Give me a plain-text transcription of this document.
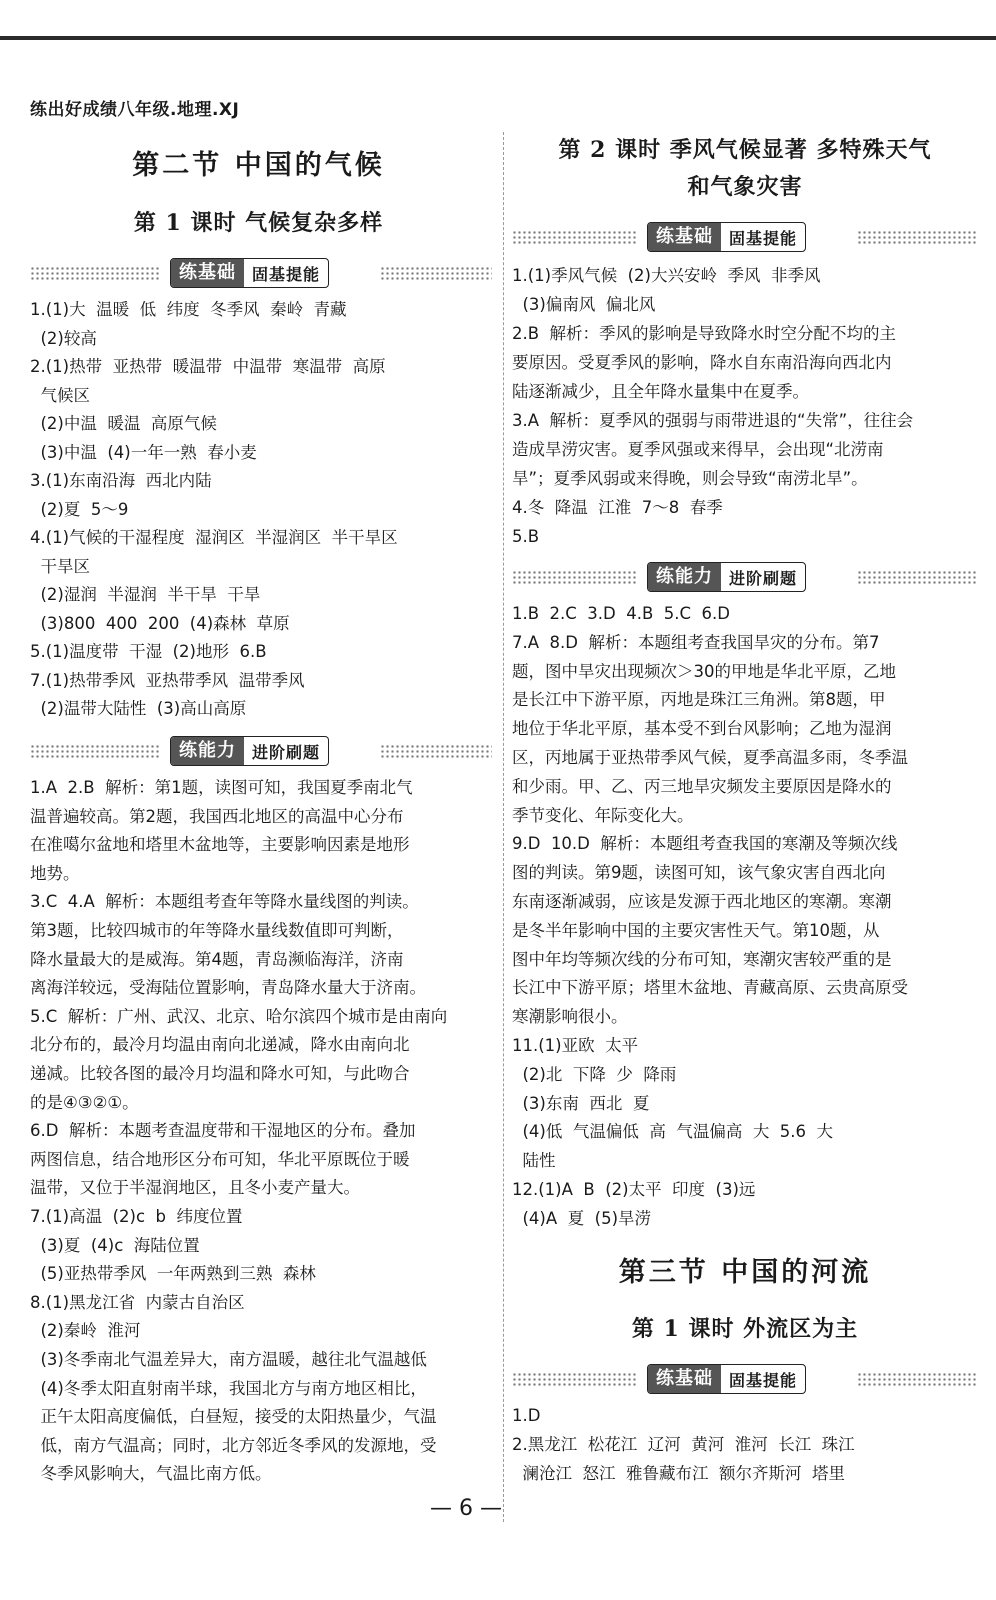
练出好成绩八年级.地理.XJ
第二节 中国的气候
第 1 课时 气候复杂多样
练基础	固基提能
1.(1)大  温暖  低  纬度  冬季风  秦岭  青藏
(2)较高
2.(1)热带  亚热带  暖温带  中温带  寒温带  高原
气候区
(2)中温  暖温  高原气候
(3)中温  (4)一年一熟  春小麦
3.(1)东南沿海  西北内陆
(2)夏  5～9
4.(1)气候的干湿程度  湿润区  半湿润区  半干旱区
干旱区
(2)湿润  半湿润  半干旱  干旱
(3)800  400  200  (4)森林  草原
5.(1)温度带  干湿  (2)地形  6.B
7.(1)热带季风  亚热带季风  温带季风
(2)温带大陆性  (3)高山高原
练能力	进阶刷题
1.A  2.B  解析：第1题，读图可知，我国夏季南北气
温普遍较高。第2题，我国西北地区的高温中心分布
在准噶尔盆地和塔里木盆地等，主要影响因素是地形
地势。
3.C  4.A  解析：本题组考查年等降水量线图的判读。
第3题，比较四城市的年等降水量线数值即可判断，
降水量最大的是威海。第4题，青岛濒临海洋，济南
离海洋较远，受海陆位置影响，青岛降水量大于济南。
5.C  解析：广州、武汉、北京、哈尔滨四个城市是由南向
北分布的，最冷月均温由南向北递减，降水由南向北
递减。比较各图的最冷月均温和降水可知，与此吻合
的是④③②①。
6.D  解析：本题考查温度带和干湿地区的分布。叠加
两图信息，结合地形区分布可知，华北平原既位于暖
温带，又位于半湿润地区，且冬小麦产量大。
7.(1)高温  (2)c  b  纬度位置
(3)夏  (4)c  海陆位置
(5)亚热带季风  一年两熟到三熟  森林
8.(1)黑龙江省  内蒙古自治区
(2)秦岭  淮河
(3)冬季南北气温差异大，南方温暖，越往北气温越低
(4)冬季太阳直射南半球，我国北方与南方地区相比，
正午太阳高度偏低，白昼短，接受的太阳热量少，气温
低，南方气温高；同时，北方邻近冬季风的发源地，受
冬季风影响大，气温比南方低。
第 2 课时 季风气候显著 多特殊天气
和气象灾害
练基础	固基提能
1.(1)季风气候  (2)大兴安岭  季风  非季风
(3)偏南风  偏北风
2.B  解析：季风的影响是导致降水时空分配不均的主
要原因。受夏季风的影响，降水自东南沿海向西北内
陆逐渐减少，且全年降水量集中在夏季。
3.A  解析：夏季风的强弱与雨带进退的“失常”，往往会
造成旱涝灾害。夏季风强或来得早，会出现“北涝南
旱”；夏季风弱或来得晚，则会导致“南涝北旱”。
4.冬  降温  江淮  7～8  春季
5.B
练能力	进阶刷题
1.B  2.C  3.D  4.B  5.C  6.D
7.A  8.D  解析：本题组考查我国旱灾的分布。第7
题，图中旱灾出现频次＞30的甲地是华北平原，乙地
是长江中下游平原，丙地是珠江三角洲。第8题，甲
地位于华北平原，基本受不到台风影响；乙地为湿润
区，丙地属于亚热带季风气候，夏季高温多雨，冬季温
和少雨。甲、乙、丙三地旱灾频发主要原因是降水的
季节变化、年际变化大。
9.D  10.D  解析：本题组考查我国的寒潮及等频次线
图的判读。第9题，读图可知，该气象灾害自西北向
东南逐渐减弱，应该是发源于西北地区的寒潮。寒潮
是冬半年影响中国的主要灾害性天气。第10题，从
图中年均等频次线的分布可知，寒潮灾害较严重的是
长江中下游平原；塔里木盆地、青藏高原、云贵高原受
寒潮影响很小。
11.(1)亚欧  太平
(2)北  下降  少  降雨
(3)东南  西北  夏
(4)低  气温偏低  高  气温偏高  大  5.6  大
陆性
12.(1)A  B  (2)太平  印度  (3)远
(4)A  夏  (5)旱涝
第三节 中国的河流
第 1 课时 外流区为主
练基础	固基提能
1.D
2.黑龙江  松花江  辽河  黄河  淮河  长江  珠江
澜沧江  怒江  雅鲁藏布江  额尔齐斯河  塔里
— 6 —
